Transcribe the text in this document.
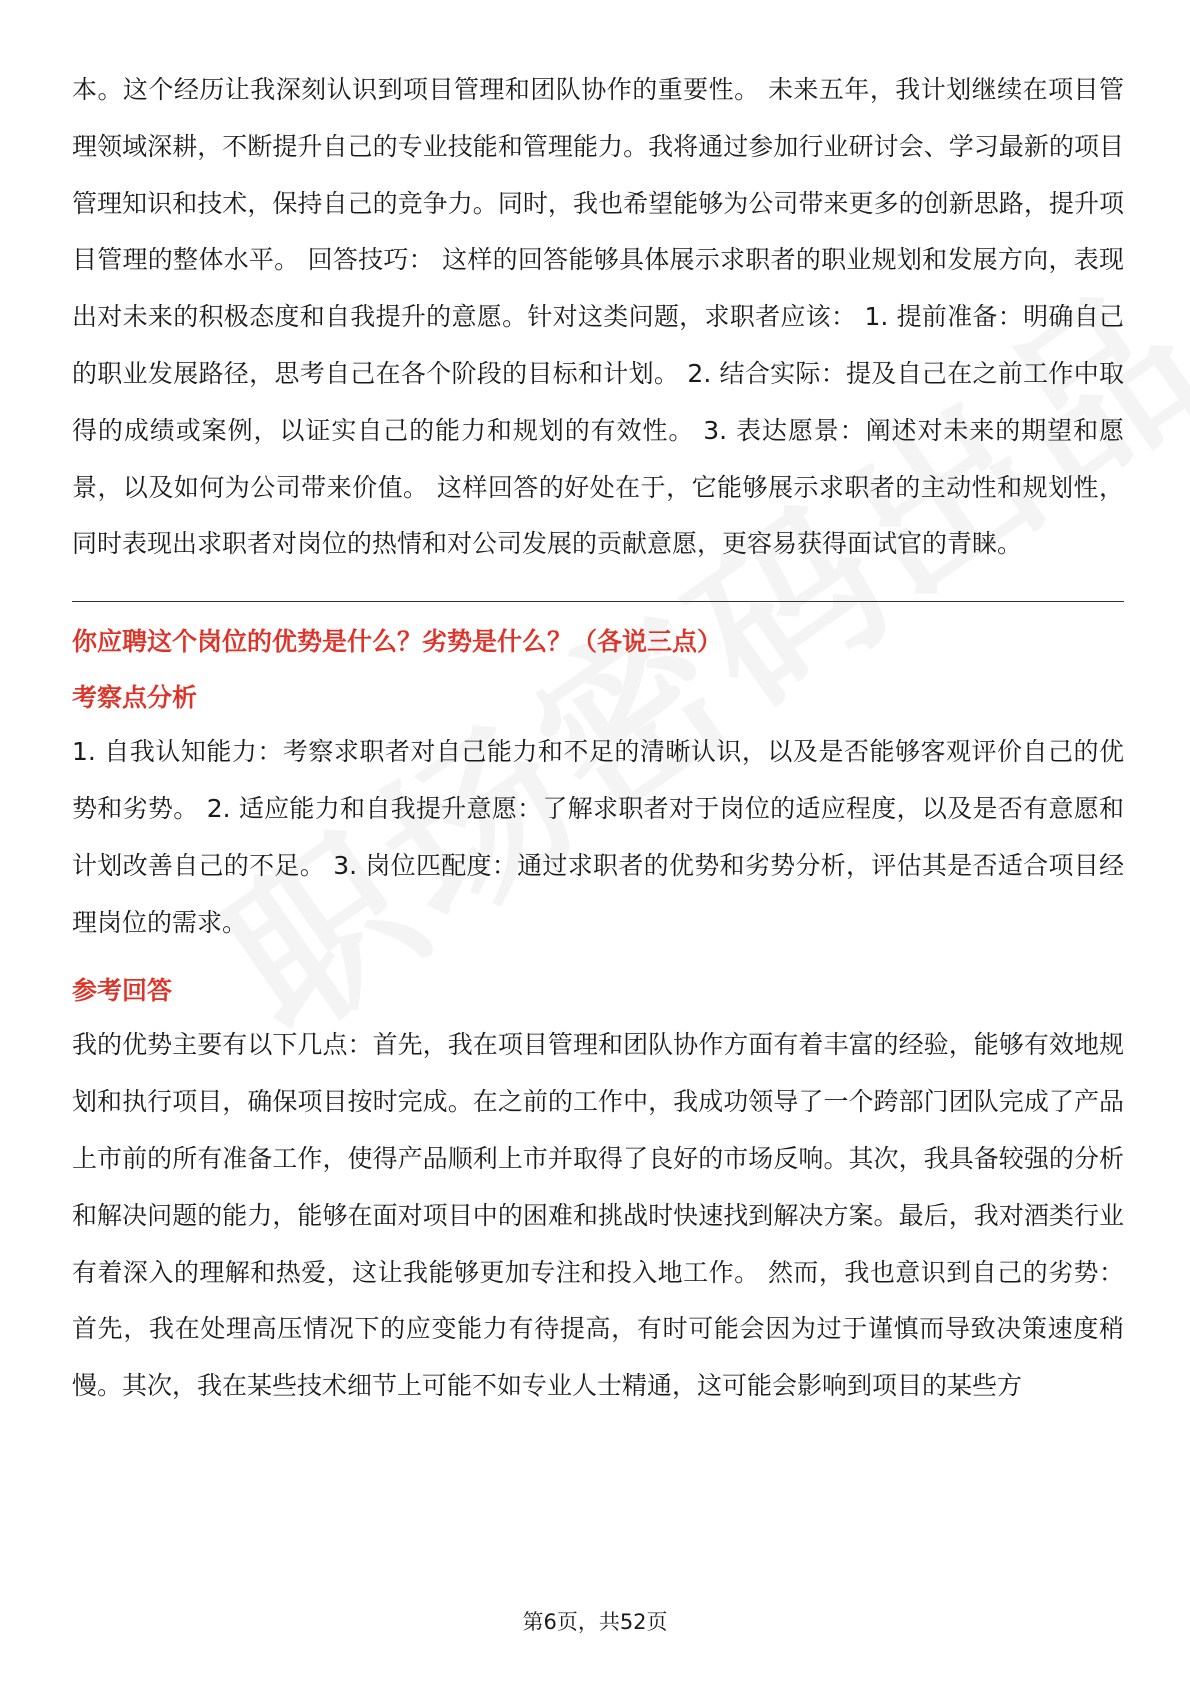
本。这个经历让我深刻认识到项目管理和团队协作的重要性。 未来五年，我计划继续在项目管理领域深耕，不断提升自己的专业技能和管理能力。我将通过参加行业研讨会、学习最新的项目管理知识和技术，保持自己的竞争力。同时，我也希望能够为公司带来更多的创新思路，提升项目管理的整体水平。 回答技巧： 这样的回答能够具体展示求职者的职业规划和发展方向，表现出对未来的积极态度和自我提升的意愿。针对这类问题，求职者应该： 1. 提前准备：明确自己的职业发展路径，思考自己在各个阶段的目标和计划。 2. 结合实际：提及自己在之前工作中取得的成绩或案例，以证实自己的能力和规划的有效性。 3. 表达愿景：阐述对未来的期望和愿景，以及如何为公司带来价值。 这样回答的好处在于，它能够展示求职者的主动性和规划性，同时表现出求职者对岗位的热情和对公司发展的贡献意愿，更容易获得面试官的青睐。

你应聘这个岗位的优势是什么？劣势是什么？（各说三点）

考察点分析

1. 自我认知能力：考察求职者对自己能力和不足的清晰认识，以及是否能够客观评价自己的优势和劣势。 2. 适应能力和自我提升意愿：了解求职者对于岗位的适应程度，以及是否有意愿和计划改善自己的不足。 3. 岗位匹配度：通过求职者的优势和劣势分析，评估其是否适合项目经理岗位的需求。

参考回答

我的优势主要有以下几点：首先，我在项目管理和团队协作方面有着丰富的经验，能够有效地规划和执行项目，确保项目按时完成。在之前的工作中，我成功领导了一个跨部门团队完成了产品上市前的所有准备工作，使得产品顺利上市并取得了良好的市场反响。其次，我具备较强的分析和解决问题的能力，能够在面对项目中的困难和挑战时快速找到解决方案。最后，我对酒类行业有着深入的理解和热爱，这让我能够更加专注和投入地工作。 然而，我也意识到自己的劣势：首先，我在处理高压情况下的应变能力有待提高，有时可能会因为过于谨慎而导致决策速度稍慢。其次，我在某些技术细节上可能不如专业人士精通，这可能会影响到项目的某些方

第6页，共52页
